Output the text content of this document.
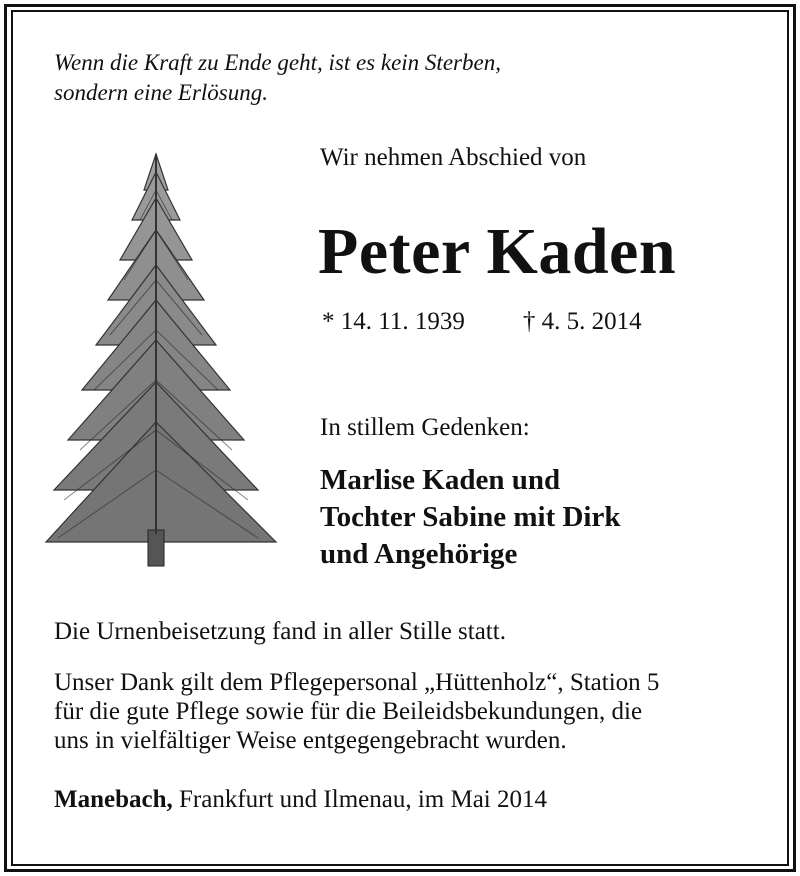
Wenn die Kraft zu Ende geht, ist es kein Sterben,
sondern eine Erlösung.
Wir nehmen Abschied von
Peter Kaden
* 14. 11. 1939 † 4. 5. 2014
In stillem Gedenken:
Marlise Kaden und
Tochter Sabine mit Dirk
und Angehörige
Die Urnenbeisetzung fand in aller Stille statt.
Unser Dank gilt dem Pflegepersonal „Hüttenholz“, Station 5
für die gute Pflege sowie für die Beileidsbekundungen, die
uns in vielfältiger Weise entgegengebracht wurden.
Manebach, Frankfurt und Ilmenau, im Mai 2014
